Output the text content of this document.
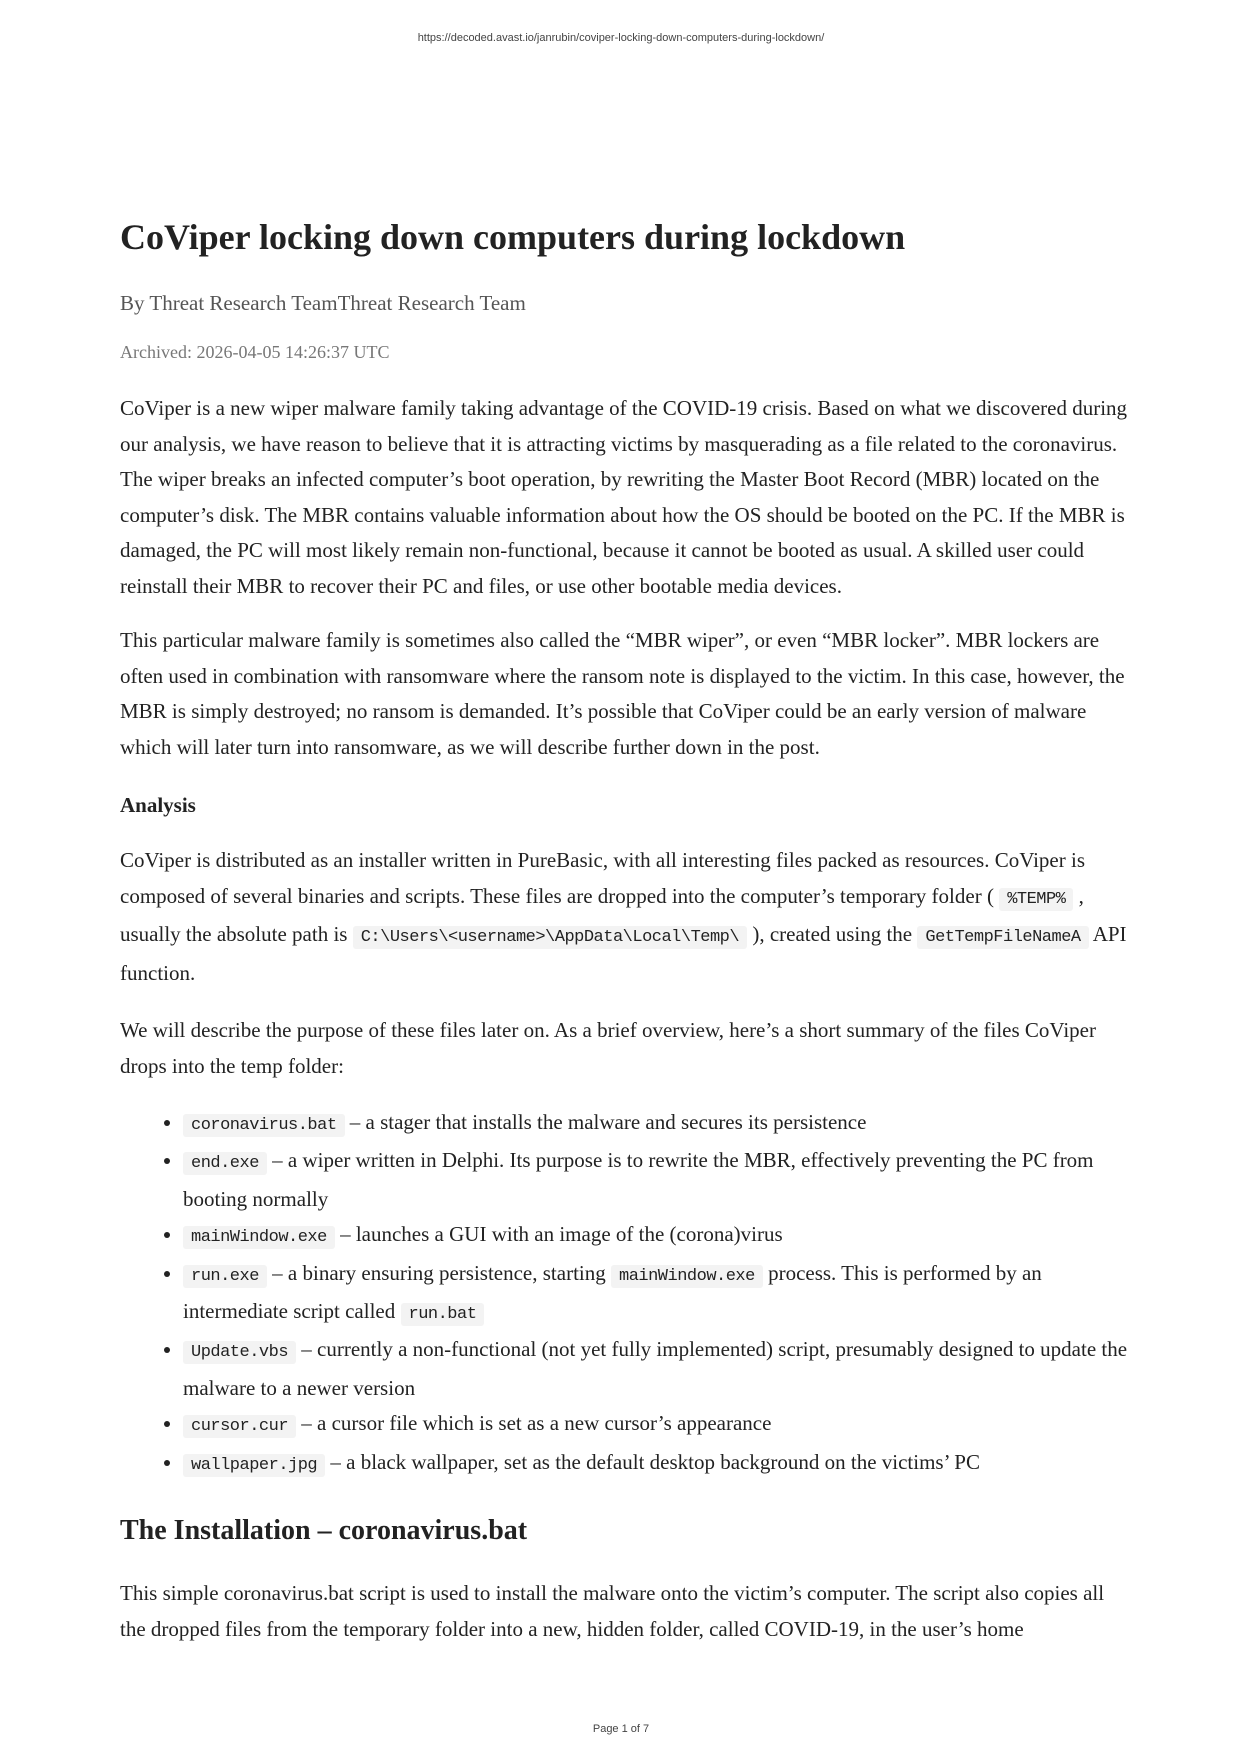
https://decoded.avast.io/janrubin/coviper-locking-down-computers-during-lockdown/
CoViper locking down computers during lockdown
By Threat Research TeamThreat Research Team
Archived: 2026-04-05 14:26:37 UTC

CoViper is a new wiper malware family taking advantage of the COVID-19 crisis. Based on what we discovered during our analysis, we have reason to believe that it is attracting victims by masquerading as a file related to the coronavirus. The wiper breaks an infected computer’s boot operation, by rewriting the Master Boot Record (MBR) located on the computer’s disk. The MBR contains valuable information about how the OS should be booted on the PC. If the MBR is damaged, the PC will most likely remain non-functional, because it cannot be booted as usual. A skilled user could reinstall their MBR to recover their PC and files, or use other bootable media devices.

This particular malware family is sometimes also called the “MBR wiper”, or even “MBR locker”. MBR lockers are often used in combination with ransomware where the ransom note is displayed to the victim. In this case, however, the MBR is simply destroyed; no ransom is demanded. It’s possible that CoViper could be an early version of malware which will later turn into ransomware, as we will describe further down in the post.

Analysis

CoViper is distributed as an installer written in PureBasic, with all interesting files packed as resources. CoViper is composed of several binaries and scripts. These files are dropped into the computer’s temporary folder ( %TEMP% , usually the absolute path is C:\Users\<username>\AppData\Local\Temp\ ), created using the GetTempFileNameA API function.

We will describe the purpose of these files later on. As a brief overview, here’s a short summary of the files CoViper drops into the temp folder:

• coronavirus.bat – a stager that installs the malware and secures its persistence
• end.exe – a wiper written in Delphi. Its purpose is to rewrite the MBR, effectively preventing the PC from booting normally
• mainWindow.exe – launches a GUI with an image of the (corona)virus
• run.exe – a binary ensuring persistence, starting mainWindow.exe process. This is performed by an intermediate script called run.bat
• Update.vbs – currently a non-functional (not yet fully implemented) script, presumably designed to update the malware to a newer version
• cursor.cur – a cursor file which is set as a new cursor’s appearance
• wallpaper.jpg – a black wallpaper, set as the default desktop background on the victims’ PC
The Installation – coronavirus.bat

This simple coronavirus.bat script is used to install the malware onto the victim’s computer. The script also copies all the dropped files from the temporary folder into a new, hidden folder, called COVID-19, in the user’s home

Page 1 of 7
